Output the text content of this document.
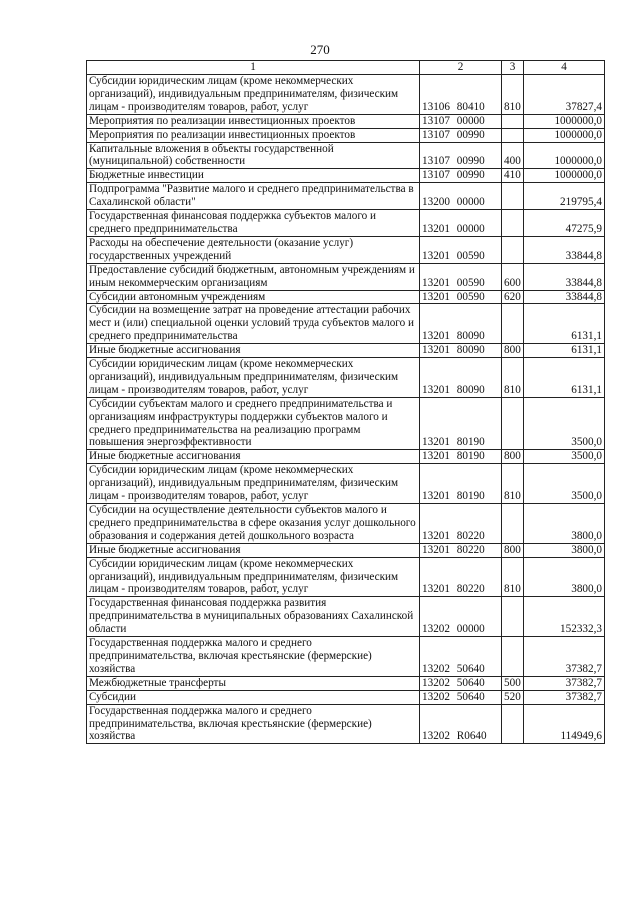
270
1	2	3	4
Субсидии юридическим лицам (кроме некоммерческих организаций), индивидуальным предпринимателям, физическим лицам - производителям товаров, работ, услуг	13106 80410	810	37827,4
Мероприятия по реализации инвестиционных проектов	13107 00000		1000000,0
Мероприятия по реализации инвестиционных проектов	13107 00990		1000000,0
Капитальные вложения в объекты государственной (муниципальной) собственности	13107 00990	400	1000000,0
Бюджетные инвестиции	13107 00990	410	1000000,0
Подпрограмма "Развитие малого и среднего предпринимательства в Сахалинской области"	13200 00000		219795,4
Государственная финансовая поддержка субъектов малого и среднего предпринимательства	13201 00000		47275,9
Расходы на обеспечение деятельности (оказание услуг) государственных учреждений	13201 00590		33844,8
Предоставление субсидий бюджетным, автономным учреждениям и иным некоммерческим организациям	13201 00590	600	33844,8
Субсидии автономным учреждениям	13201 00590	620	33844,8
Субсидии на возмещение затрат на проведение аттестации рабочих мест и (или) специальной оценки условий труда субъектов малого и среднего предпринимательства	13201 80090		6131,1
Иные бюджетные ассигнования	13201 80090	800	6131,1
Субсидии юридическим лицам (кроме некоммерческих организаций), индивидуальным предпринимателям, физическим лицам - производителям товаров, работ, услуг	13201 80090	810	6131,1
Субсидии субъектам малого и среднего предпринимательства и организациям инфраструктуры поддержки субъектов малого и среднего предпринимательства на реализацию программ повышения энергоэффективности	13201 80190		3500,0
Иные бюджетные ассигнования	13201 80190	800	3500,0
Субсидии юридическим лицам (кроме некоммерческих организаций), индивидуальным предпринимателям, физическим лицам - производителям товаров, работ, услуг	13201 80190	810	3500,0
Субсидии на осуществление деятельности субъектов малого и среднего предпринимательства в сфере оказания услуг дошкольного образования и содержания детей дошкольного возраста	13201 80220		3800,0
Иные бюджетные ассигнования	13201 80220	800	3800,0
Субсидии юридическим лицам (кроме некоммерческих организаций), индивидуальным предпринимателям, физическим лицам - производителям товаров, работ, услуг	13201 80220	810	3800,0
Государственная финансовая поддержка развития предпринимательства в муниципальных образованиях Сахалинской области	13202 00000		152332,3
Государственная поддержка малого и среднего предпринимательства, включая крестьянские (фермерские) хозяйства	13202 50640		37382,7
Межбюджетные трансферты	13202 50640	500	37382,7
Субсидии	13202 50640	520	37382,7
Государственная поддержка малого и среднего предпринимательства, включая крестьянские (фермерские) хозяйства	13202 R0640		114949,6
